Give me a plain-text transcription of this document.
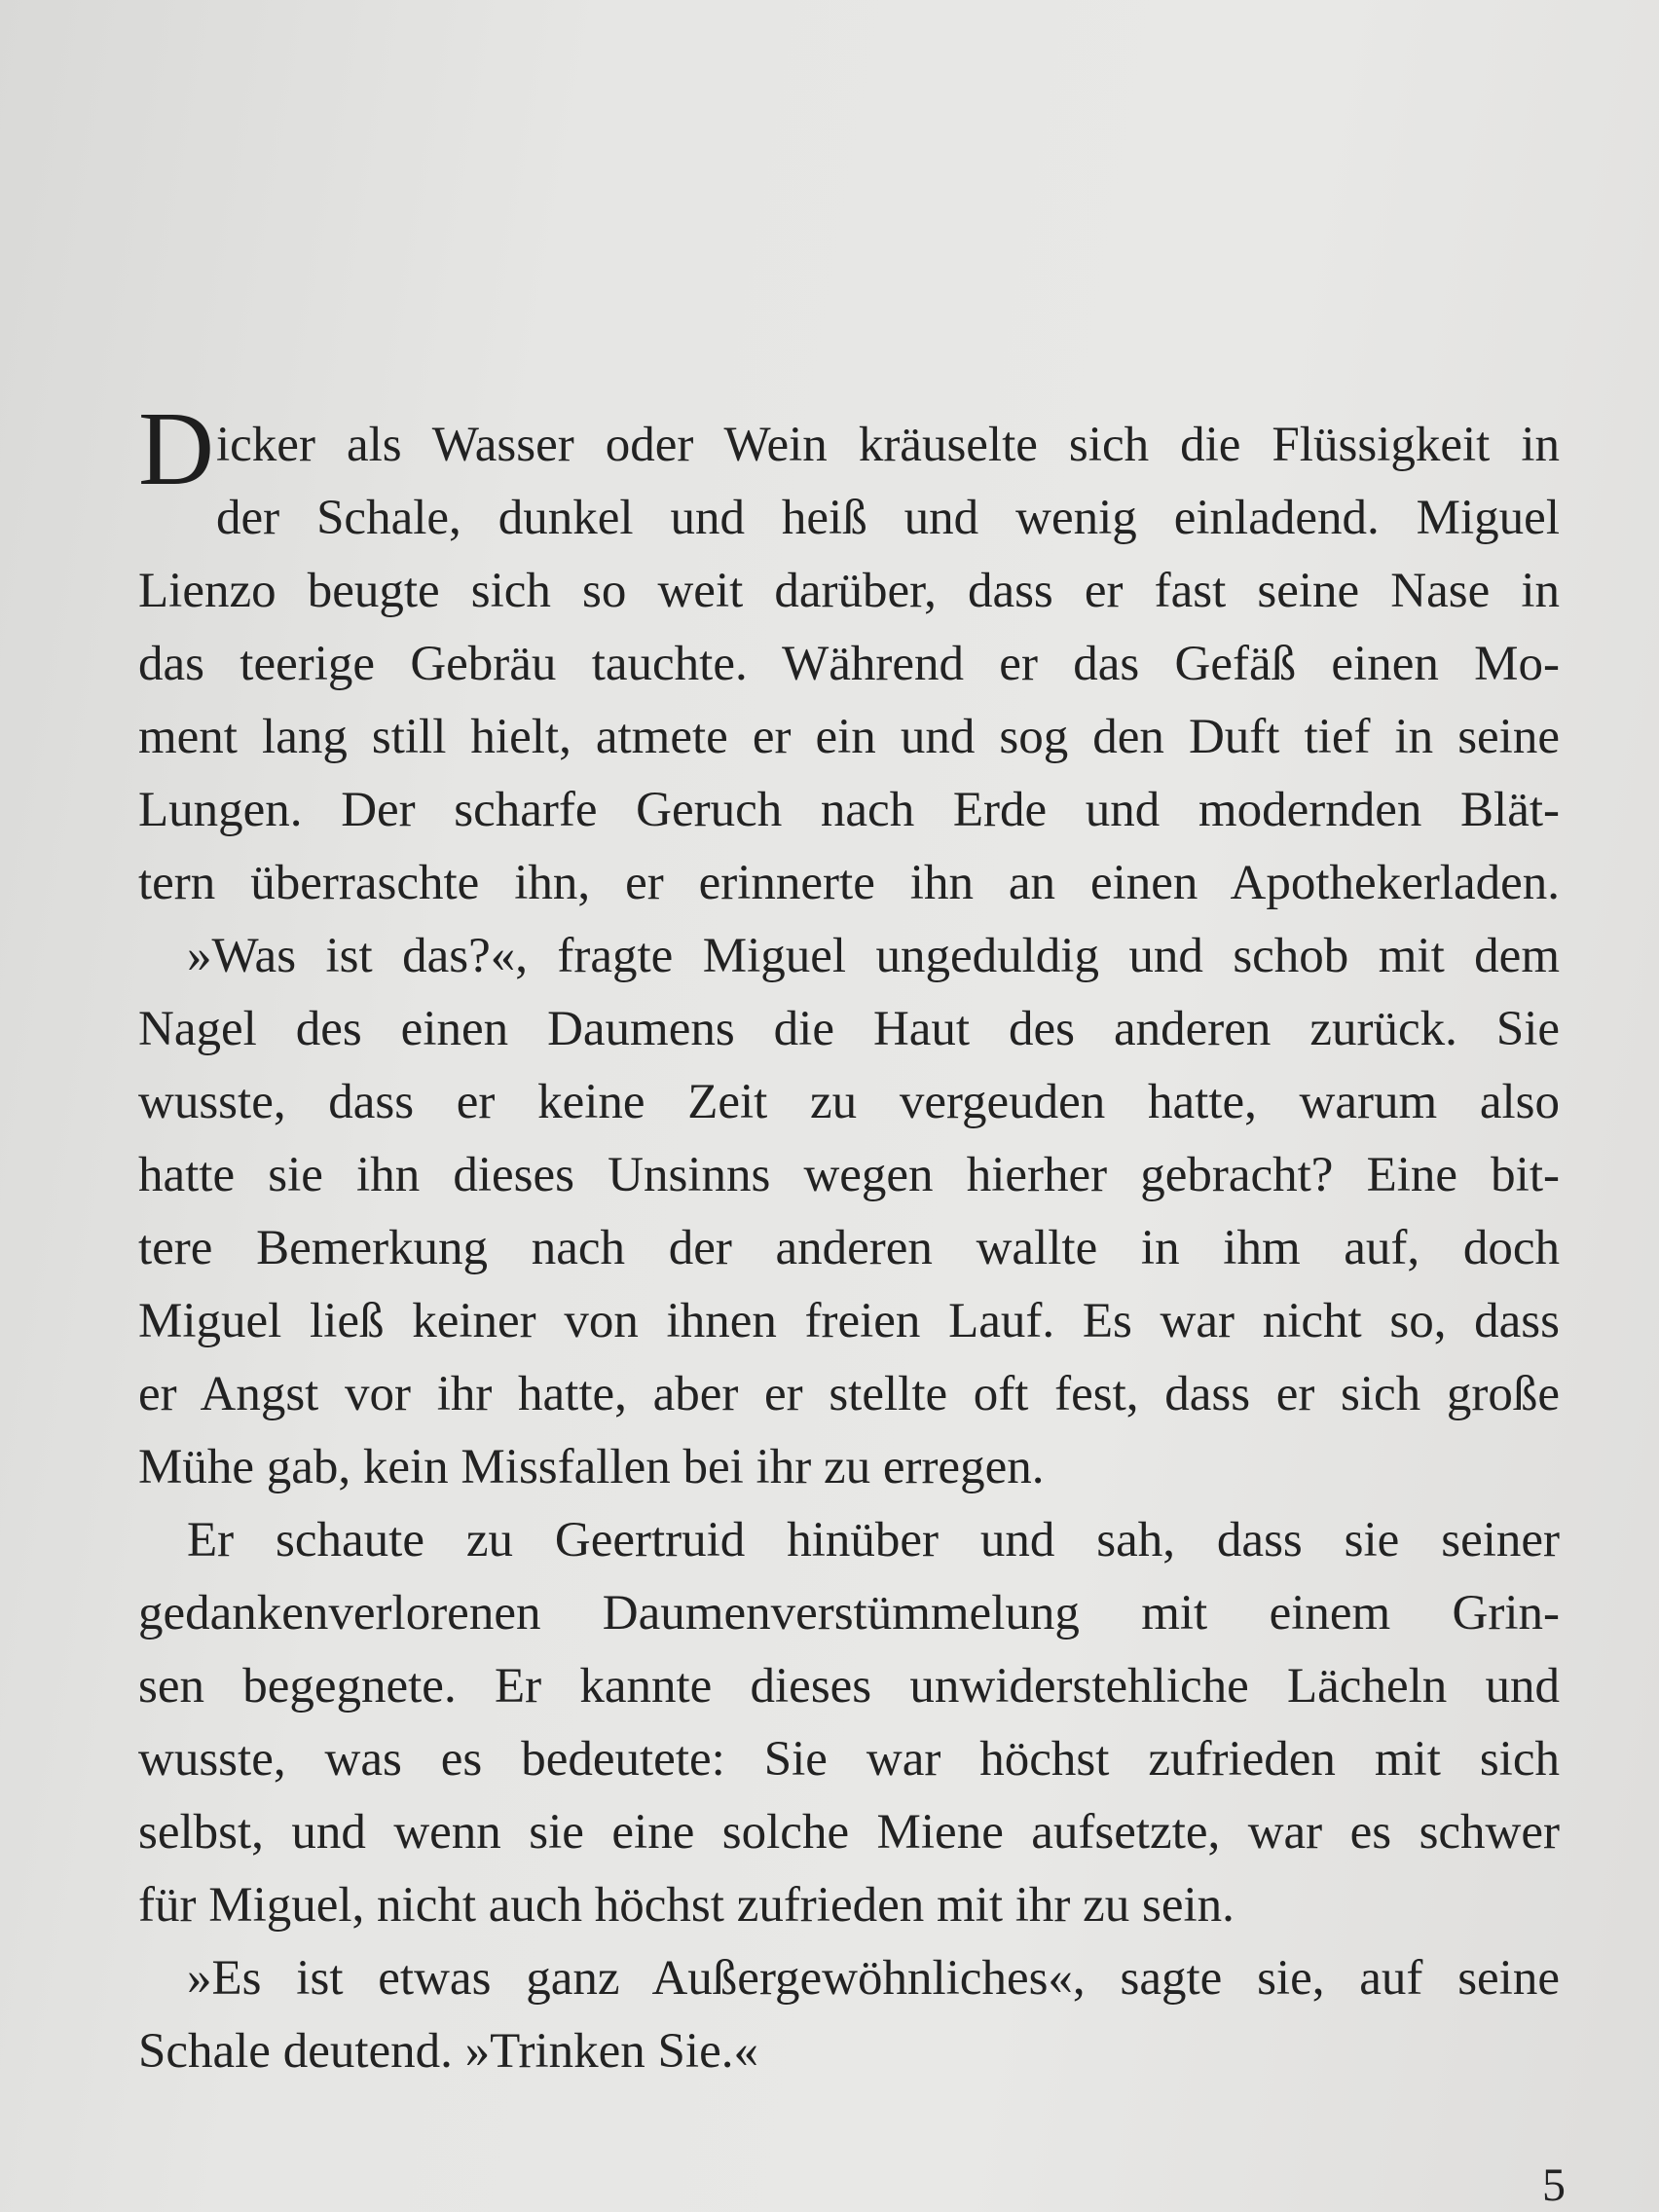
Dicker als Wasser oder Wein kräuselte sich die Flüssigkeit in
der Schale, dunkel und heiß und wenig einladend. Miguel
Lienzo beugte sich so weit darüber, dass er fast seine Nase in
das teerige Gebräu tauchte. Während er das Gefäß einen Mo-
ment lang still hielt, atmete er ein und sog den Duft tief in seine
Lungen. Der scharfe Geruch nach Erde und modernden Blät-
tern überraschte ihn, er erinnerte ihn an einen Apothekerladen.
»Was ist das?«, fragte Miguel ungeduldig und schob mit dem
Nagel des einen Daumens die Haut des anderen zurück. Sie
wusste, dass er keine Zeit zu vergeuden hatte, warum also
hatte sie ihn dieses Unsinns wegen hierher gebracht? Eine bit-
tere Bemerkung nach der anderen wallte in ihm auf, doch
Miguel ließ keiner von ihnen freien Lauf. Es war nicht so, dass
er Angst vor ihr hatte, aber er stellte oft fest, dass er sich große
Mühe gab, kein Missfallen bei ihr zu erregen.
Er schaute zu Geertruid hinüber und sah, dass sie seiner
gedankenverlorenen Daumenverstümmelung mit einem Grin-
sen begegnete. Er kannte dieses unwiderstehliche Lächeln und
wusste, was es bedeutete: Sie war höchst zufrieden mit sich
selbst, und wenn sie eine solche Miene aufsetzte, war es schwer
für Miguel, nicht auch höchst zufrieden mit ihr zu sein.
»Es ist etwas ganz Außergewöhnliches«, sagte sie, auf seine
Schale deutend. »Trinken Sie.«
5
